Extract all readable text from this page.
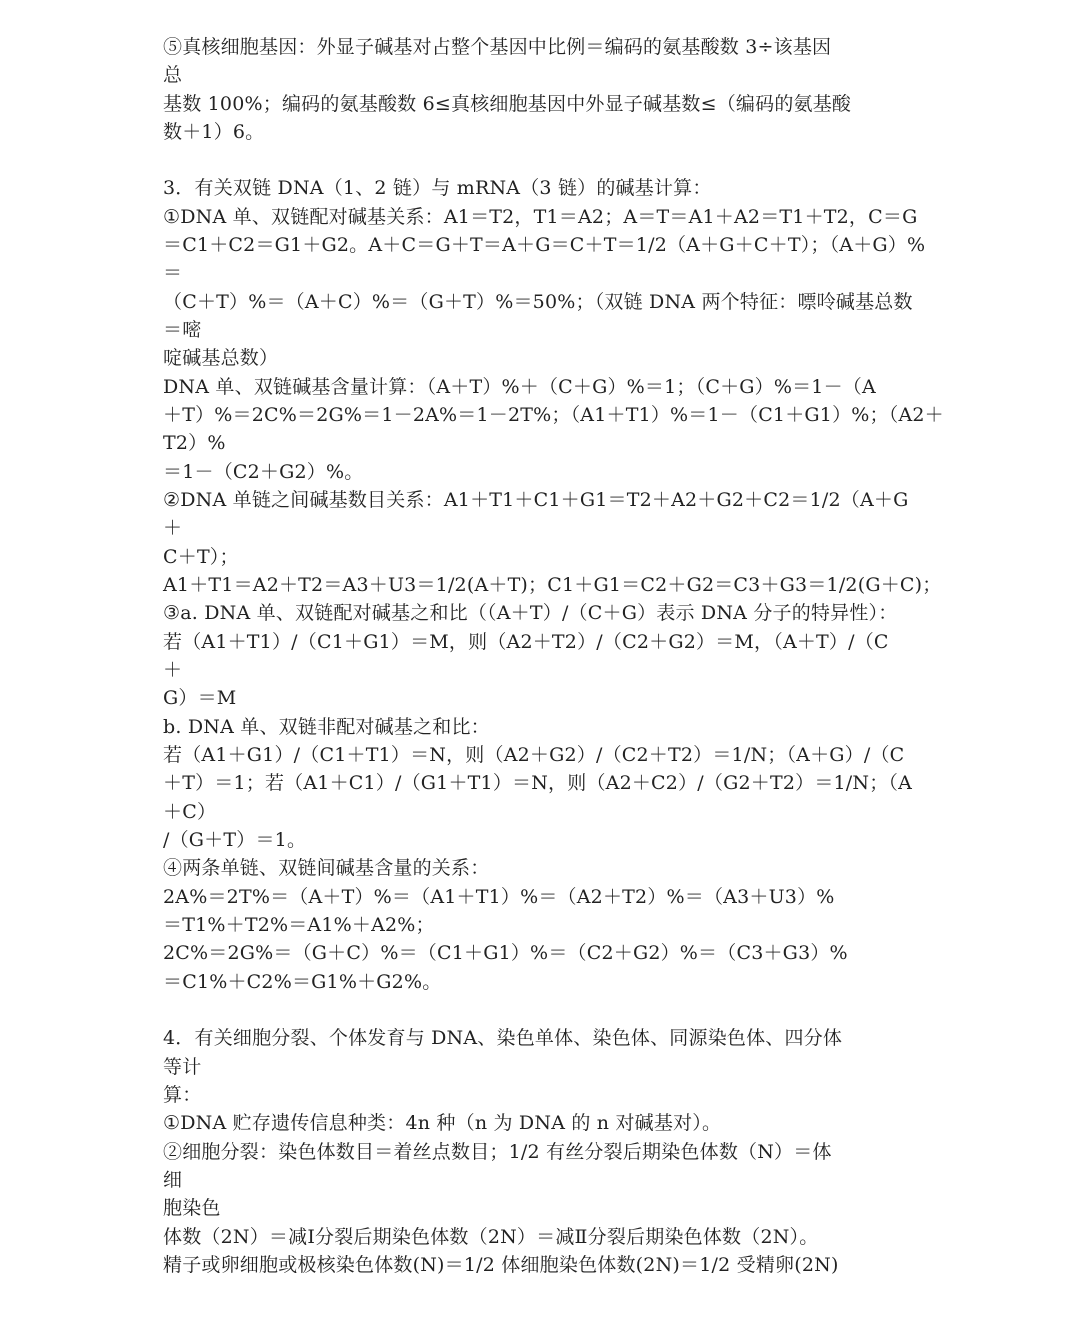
⑤真核细胞基因：外显子碱基对占整个基因中比例＝编码的氨基酸数 3÷该基因
总
基数 100%；编码的氨基酸数 6≤真核细胞基因中外显子碱基数≤（编码的氨基酸
数＋1）6。
3．有关双链 DNA（1、2 链）与 mRNA（3 链）的碱基计算：
①DNA 单、双链配对碱基关系：A1＝T2，T1＝A2；A＝T＝A1＋A2＝T1＋T2，C＝G
＝C1＋C2＝G1＋G2。A＋C＝G＋T＝A＋G＝C＋T＝1/2（A＋G＋C＋T）；（A＋G）%
＝
（C＋T）%＝（A＋C）%＝（G＋T）%＝50%；（双链 DNA 两个特征：嘌呤碱基总数
＝嘧
啶碱基总数）
DNA 单、双链碱基含量计算：（A＋T）%＋（C＋G）%＝1；（C＋G）%＝1－（A
＋T）%＝2C%＝2G%＝1－2A%＝1－2T%；（A1＋T1）%＝1－（C1＋G1）%；（A2＋
T2）%
＝1－（C2＋G2）%。
②DNA 单链之间碱基数目关系：A1＋T1＋C1＋G1＝T2＋A2＋G2＋C2＝1/2（A＋G
＋
C＋T）；
A1＋T1＝A2＋T2＝A3＋U3＝1/2(A＋T)；C1＋G1＝C2＋G2＝C3＋G3＝1/2(G＋C)；
③a. DNA 单、双链配对碱基之和比（（A＋T）/（C＋G）表示 DNA 分子的特异性）：
若（A1＋T1）/（C1＋G1）＝M，则（A2＋T2）/（C2＋G2）＝M，（A＋T）/（C
＋
G）＝M
b. DNA 单、双链非配对碱基之和比：
若（A1＋G1）/（C1＋T1）＝N，则（A2＋G2）/（C2＋T2）＝1/N；（A＋G）/（C
＋T）＝1；若（A1＋C1）/（G1＋T1）＝N，则（A2＋C2）/（G2＋T2）＝1/N；（A
＋C）
/（G＋T）＝1。
④两条单链、双链间碱基含量的关系：
2A%＝2T%＝（A＋T）%＝（A1＋T1）%＝（A2＋T2）%＝（A3＋U3）%
＝T1%＋T2%＝A1%＋A2%；
2C%＝2G%＝（G＋C）%＝（C1＋G1）%＝（C2＋G2）%＝（C3＋G3）%
＝C1%＋C2%＝G1%＋G2%。
4．有关细胞分裂、个体发育与 DNA、染色单体、染色体、同源染色体、四分体
等计
算：
①DNA 贮存遗传信息种类：4n 种（n 为 DNA 的 n 对碱基对）。
②细胞分裂：染色体数目＝着丝点数目；1/2 有丝分裂后期染色体数（N）＝体
细
胞染色
体数（2N）＝减Ⅰ分裂后期染色体数（2N）＝减Ⅱ分裂后期染色体数（2N）。
精子或卵细胞或极核染色体数(N)＝1/2 体细胞染色体数(2N)＝1/2 受精卵(2N)
